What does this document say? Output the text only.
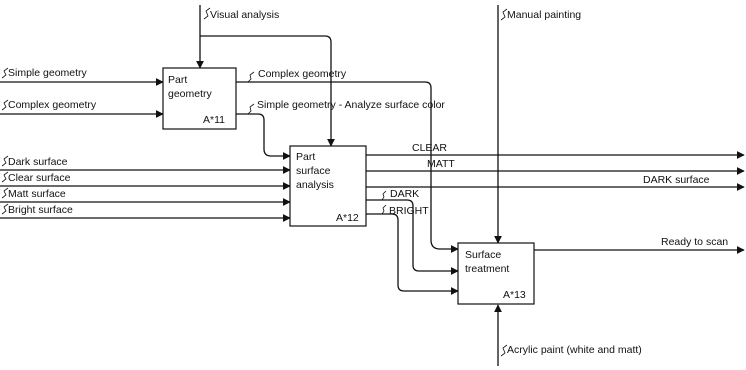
Visual analysis	Manual painting
Simple geometry
Complex geometry
Part
geometry
A*11
Complex geometry
Simple geometry - Analyze surface color
Dark surface
Clear surface
Matt surface
Bright surface
Part
surface
analysis
A*12
CLEAR
MATT
DARK surface
DARK
BRIGHT
Surface
treatment
A*13
Ready to scan
Acrylic paint (white and matt)
